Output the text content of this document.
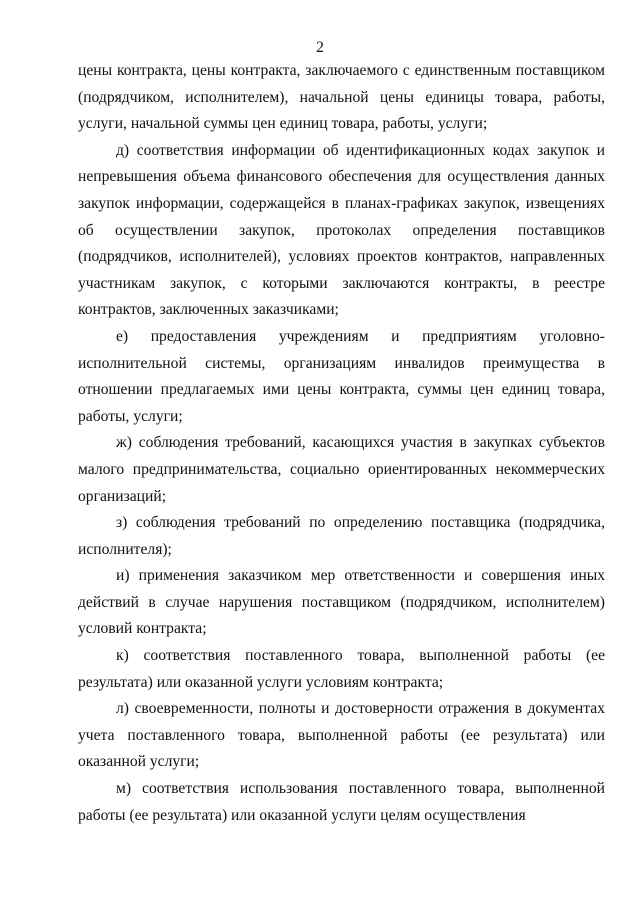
2

цены контракта, цены контракта, заключаемого с единственным поставщиком (подрядчиком, исполнителем), начальной цены единицы товара, работы, услуги, начальной суммы цен единиц товара, работы, услуги;

д) соответствия информации об идентификационных кодах закупок и непревышения объема финансового обеспечения для осуществления данных закупок информации, содержащейся в планах-графиках закупок, извещениях об осуществлении закупок, протоколах определения поставщиков (подрядчиков, исполнителей), условиях проектов контрактов, направленных участникам закупок, с которыми заключаются контракты, в реестре контрактов, заключенных заказчиками;

е) предоставления учреждениям и предприятиям уголовно-исполнительной системы, организациям инвалидов преимущества в отношении предлагаемых ими цены контракта, суммы цен единиц товара, работы, услуги;

ж) соблюдения требований, касающихся участия в закупках субъектов малого предпринимательства, социально ориентированных некоммерческих организаций;

з) соблюдения требований по определению поставщика (подрядчика, исполнителя);

и) применения заказчиком мер ответственности и совершения иных действий в случае нарушения поставщиком (подрядчиком, исполнителем) условий контракта;

к) соответствия поставленного товара, выполненной работы (ее результата) или оказанной услуги условиям контракта;

л) своевременности, полноты и достоверности отражения в документах учета поставленного товара, выполненной работы (ее результата) или оказанной услуги;

м) соответствия использования поставленного товара, выполненной работы (ее результата) или оказанной услуги целям осуществления
